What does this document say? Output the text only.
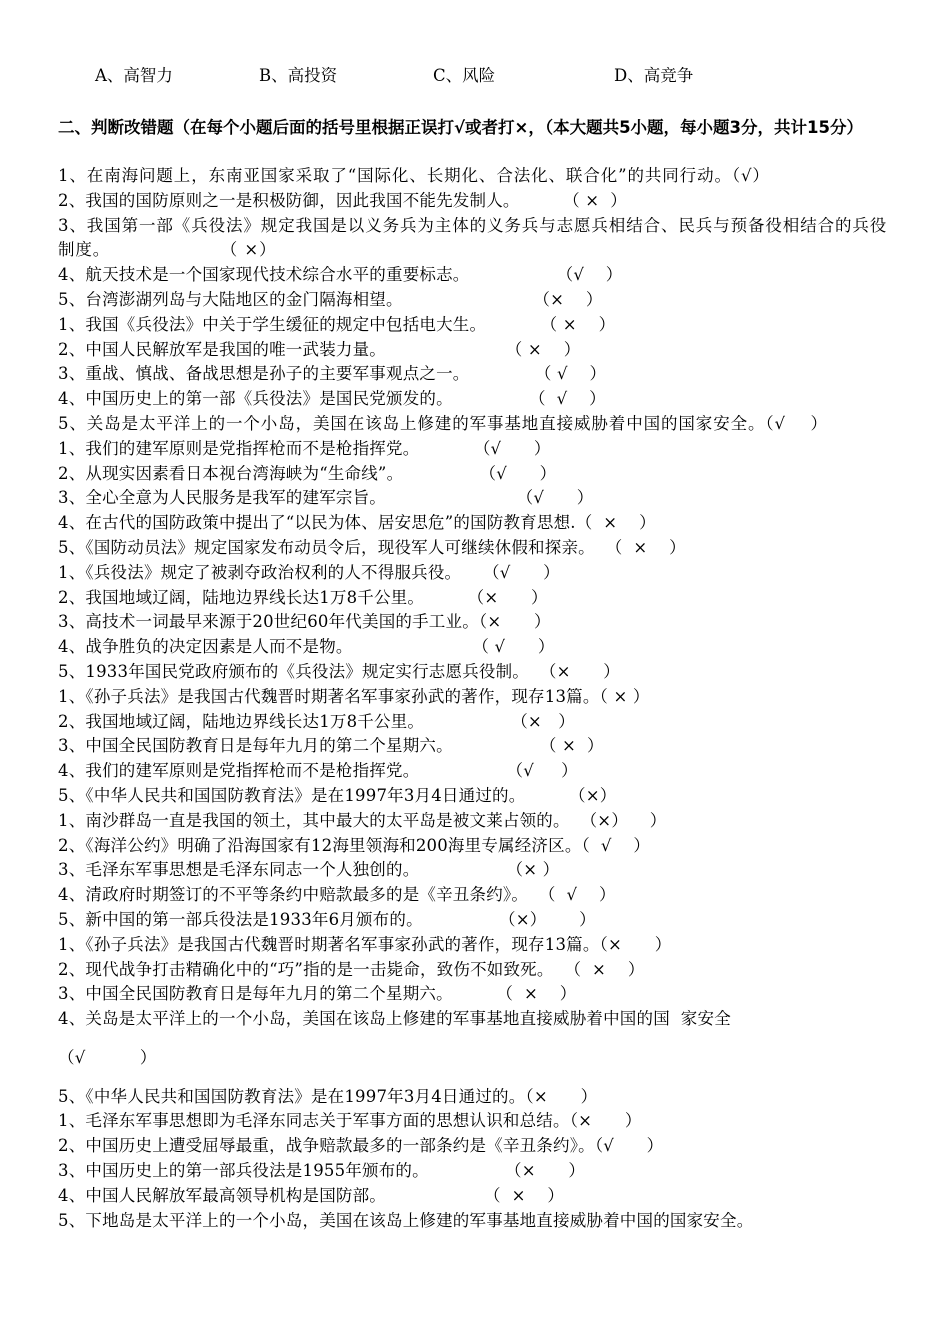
A、高智力	B、高投资	C、风险	D、高竞争
二、判断改错题（在每个小题后面的括号里根据正误打√或者打×，（本大题共5小题，每小题3分，共计15分）
1、在南海问题上，东南亚国家采取了“国际化、长期化、合法化、联合化”的共同行动。（√）
2、我国的国防原则之一是积极防御，因此我国不能先发制人。        （ ×  ）
3、我国第一部《兵役法》规定我国是以义务兵为主体的义务兵与志愿兵相结合、民兵与预备役相结合的兵役制度。                  （ ×）
4、航天技术是一个国家现代技术综合水平的重要标志。                （√    ）
5、台湾澎湖列岛与大陆地区的金门隔海相望。                        （×    ）
1、我国《兵役法》中关于学生缓征的规定中包括电大生。          （ ×    ）
2、中国人民解放军是我国的唯一武装力量。                      （ ×    ）
3、重战、慎战、备战思想是孙子的主要军事观点之一。            （ √    ）
4、中国历史上的第一部《兵役法》是国民党颁发的。              （  √    ）
5、关岛是太平洋上的一个小岛，美国在该岛上修建的军事基地直接威胁着中国的国家安全。（√    ）
1、我们的建军原则是党指挥枪而不是枪指挥党。          （√      ）
2、从现实因素看日本视台湾海峡为“生命线”。              （√      ）
3、全心全意为人民服务是我军的建军宗旨。                        （√      ）
4、在古代的国防政策中提出了“以民为体、居安思危”的国防教育思想.（  ×    ）
5、《国防动员法》规定国家发布动员令后，现役军人可继续休假和探亲。  （  ×    ）
1、《兵役法》规定了被剥夺政治权利的人不得服兵役。    （√      ）
2、我国地域辽阔，陆地边界线长达1万8千公里。        （×      ）
3、高技术一词最早来源于20世纪60年代美国的手工业。（×      ）
4、战争胜负的决定因素是人而不是物。                      （ √      ）
5、1933年国民党政府颁布的《兵役法》规定实行志愿兵役制。  （×      ）
1、《孙子兵法》是我国古代魏晋时期著名军事家孙武的著作，现存13篇。（ × ）
2、我国地域辽阔，陆地边界线长达1万8千公里。                （×   ）
3、中国全民国防教育日是每年九月的第二个星期六。                （ ×  ）
4、我们的建军原则是党指挥枪而不是枪指挥党。                （√     ）
5、《中华人民共和国国防教育法》是在1997年3月4日通过的。        （×）
1、南沙群岛一直是我国的领土，其中最大的太平岛是被文莱占领的。  （×）    ）
2、《海洋公约》明确了沿海国家有12海里领海和200海里专属经济区。（  √    ）
3、毛泽东军事思想是毛泽东同志一个人独创的。                （× ）
4、清政府时期签订的不平等条约中赔款最多的是《辛丑条约》。  （  √    ）
5、新中国的第一部兵役法是1933年6月颁布的。              （×）      ）
1、《孙子兵法》是我国古代魏晋时期著名军事家孙武的著作，现存13篇。（×      ）
2、现代战争打击精确化中的“巧”指的是一击毙命，致伤不如致死。  （  ×    ）
3、中国全民国防教育日是每年九月的第二个星期六。        （  ×    ）
4、关岛是太平洋上的一个小岛，美国在该岛上修建的军事基地直接威胁着中国的国  家安全
（√          ）
5、《中华人民共和国国防教育法》是在1997年3月4日通过的。（×      ）
1、毛泽东军事思想即为毛泽东同志关于军事方面的思想认识和总结。（×      ）
2、中国历史上遭受屈辱最重，战争赔款最多的一部条约是《辛丑条约》。（√      ）
3、中国历史上的第一部兵役法是1955年颁布的。              （×      ）
4、中国人民解放军最高领导机构是国防部。                  （  ×    ）
5、下地岛是太平洋上的一个小岛，美国在该岛上修建的军事基地直接威胁着中国的国家安全。
